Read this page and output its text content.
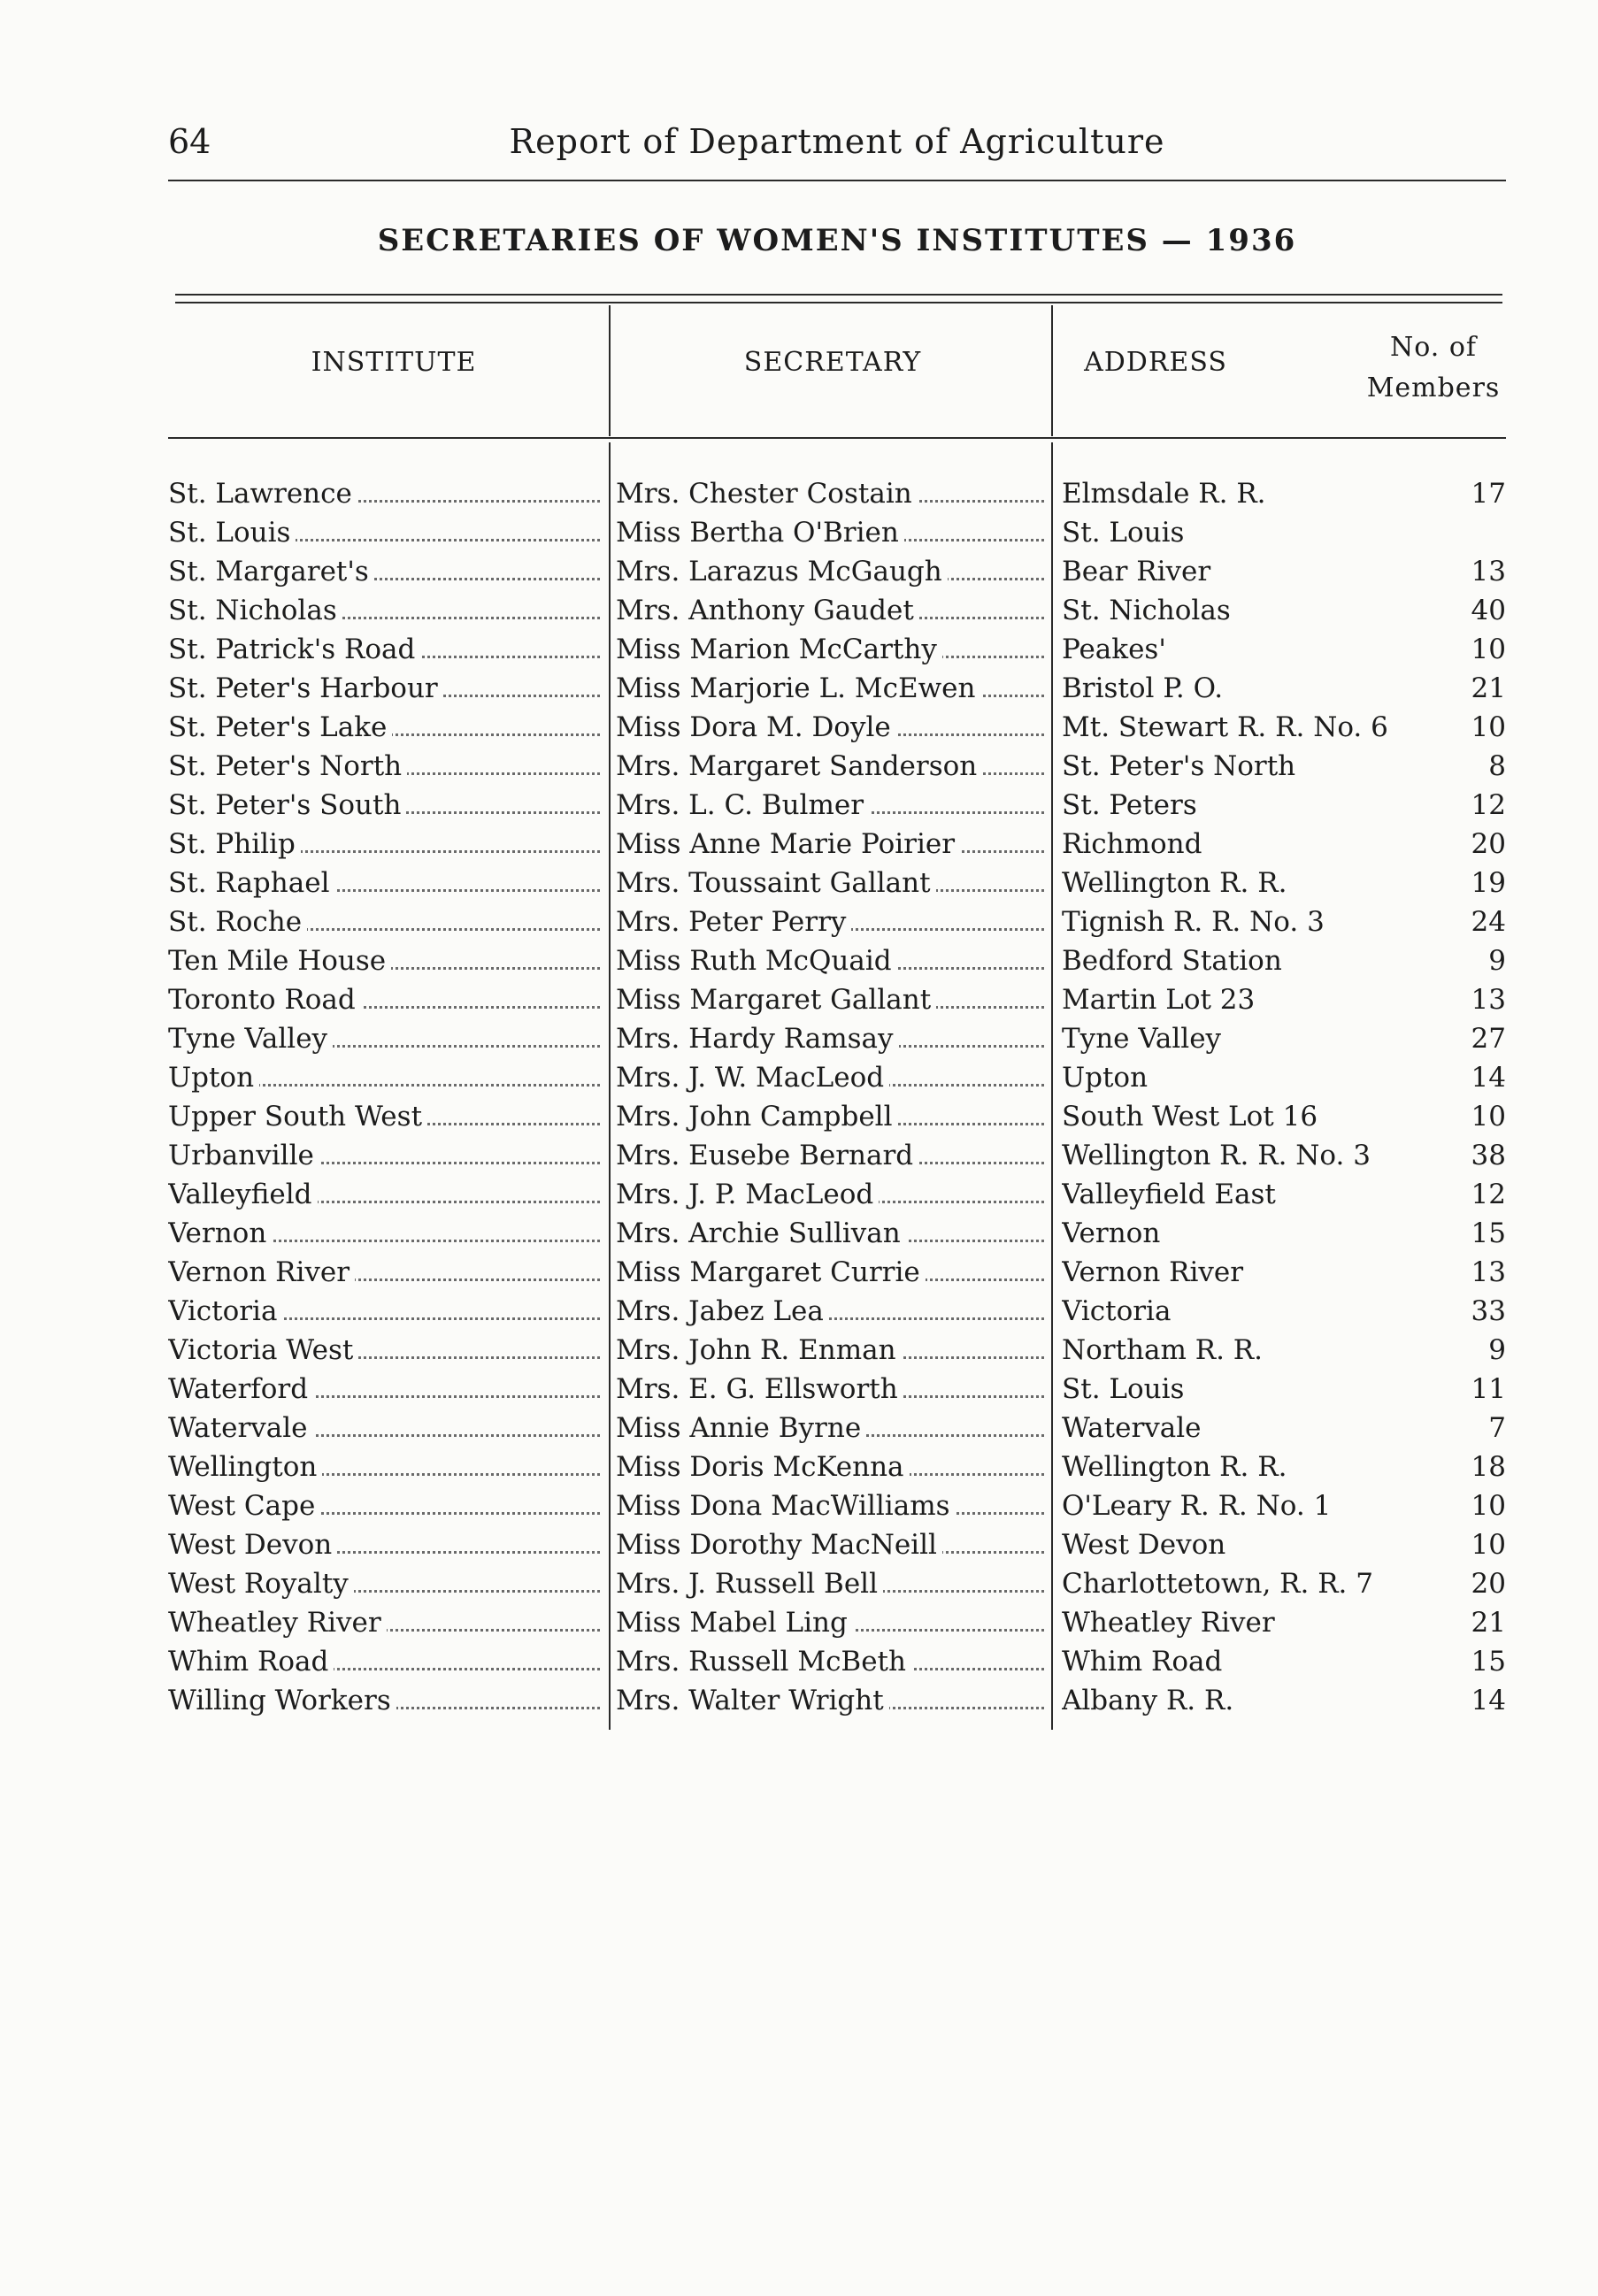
64	Report of Department of Agriculture
SECRETARIES OF WOMEN'S INSTITUTES — 1936
INSTITUTE	SECRETARY	ADDRESS	No. of
Members
St. Lawrence	Mrs. Chester Costain	Elmsdale R. R.	17
St. Louis	Miss Bertha O'Brien	St. Louis
St. Margaret's	Mrs. Larazus McGaugh	Bear River	13
St. Nicholas	Mrs. Anthony Gaudet	St. Nicholas	40
St. Patrick's Road	Miss Marion McCarthy	Peakes'	10
St. Peter's Harbour	Miss Marjorie L. McEwen	Bristol P. O.	21
St. Peter's Lake	Miss Dora M. Doyle	Mt. Stewart R. R. No. 6	10
St. Peter's North	Mrs. Margaret Sanderson	St. Peter's North	8
St. Peter's South	Mrs. L. C. Bulmer	St. Peters	12
St. Philip	Miss Anne Marie Poirier	Richmond	20
St. Raphael	Mrs. Toussaint Gallant	Wellington R. R.	19
St. Roche	Mrs. Peter Perry	Tignish R. R. No. 3	24
Ten Mile House	Miss Ruth McQuaid	Bedford Station	9
Toronto Road	Miss Margaret Gallant	Martin Lot 23	13
Tyne Valley	Mrs. Hardy Ramsay	Tyne Valley	27
Upton	Mrs. J. W. MacLeod	Upton	14
Upper South West	Mrs. John Campbell	South West Lot 16	10
Urbanville	Mrs. Eusebe Bernard	Wellington R. R. No. 3	38
Valleyfield	Mrs. J. P. MacLeod	Valleyfield East	12
Vernon	Mrs. Archie Sullivan	Vernon	15
Vernon River	Miss Margaret Currie	Vernon River	13
Victoria	Mrs. Jabez Lea	Victoria	33
Victoria West	Mrs. John R. Enman	Northam R. R.	9
Waterford	Mrs. E. G. Ellsworth	St. Louis	11
Watervale	Miss Annie Byrne	Watervale	7
Wellington	Miss Doris McKenna	Wellington R. R.	18
West Cape	Miss Dona MacWilliams	O'Leary R. R. No. 1	10
West Devon	Miss Dorothy MacNeill	West Devon	10
West Royalty	Mrs. J. Russell Bell	Charlottetown, R. R. 7	20
Wheatley River	Miss Mabel Ling	Wheatley River	21
Whim Road	Mrs. Russell McBeth	Whim Road	15
Willing Workers	Mrs. Walter Wright	Albany R. R.	14
